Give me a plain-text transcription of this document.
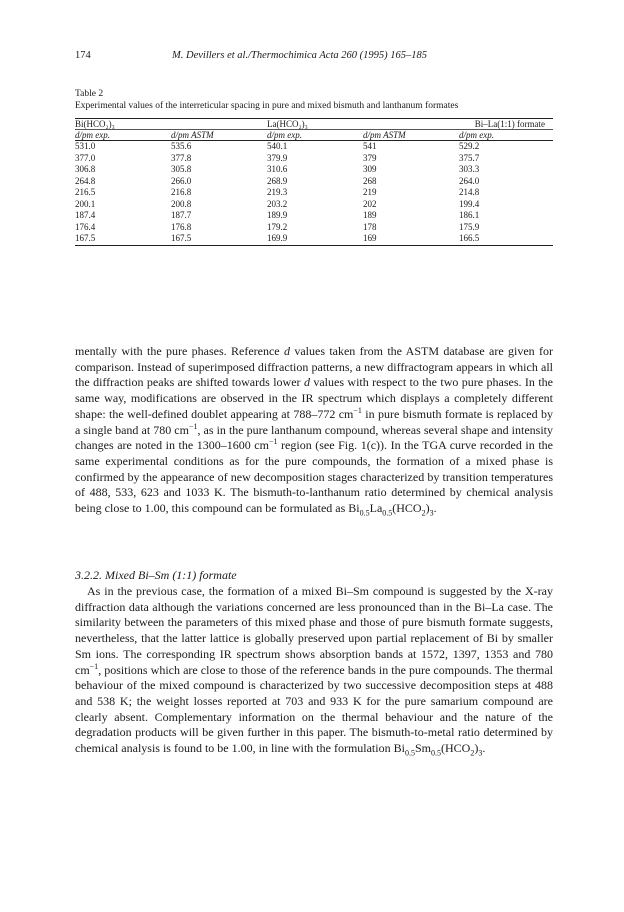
174	M. Devillers et al./Thermochimica Acta 260 (1995) 165–185
Table 2
Experimental values of the interreticular spacing in pure and mixed bismuth and lanthanum formates
Bi(HCO₂)₃		La(HCO₂)₃		Bi–La(1:1) formate
d/pm exp.	d/pm ASTM	d/pm exp.	d/pm ASTM	d/pm exp.
531.0	535.6	540.1	541	529.2
377.0	377.8	379.9	379	375.7
306.8	305.8	310.6	309	303.3
264.8	266.0	268.9	268	264.0
216.5	216.8	219.3	219	214.8
200.1	200.8	203.2	202	199.4
187.4	187.7	189.9	189	186.1
176.4	176.8	179.2	178	175.9
167.5	167.5	169.9	169	166.5

mentally with the pure phases. Reference d values taken from the ASTM database are given for comparison. Instead of superimposed diffraction patterns, a new diffractogram appears in which all the diffraction peaks are shifted towards lower d values with respect to the two pure phases. In the same way, modifications are observed in the IR spectrum which displays a completely different shape: the well-defined doublet appearing at 788–772 $cm^{-1}$ in pure bismuth formate is replaced by a single band at 780 $cm^{-1}$, as in the pure lanthanum compound, whereas several shape and intensity changes are noted in the 1300–1600 $cm^{-1}$ region (see Fig. 1(c)). In the TGA curve recorded in the same experimental conditions as for the pure compounds, the formation of a mixed phase is confirmed by the appearance of new decomposition stages characterized by transition temperatures of 488, 533, 623 and 1033 K. The bismuth-to-lanthanum ratio determined by chemical analysis being close to 1.00, this compound can be formulated as $Bi_{0.5}La_{0.5}(HCO_2)_3$.

3.2.2. Mixed Bi–Sm (1:1) formate

As in the previous case, the formation of a mixed Bi–Sm compound is suggested by the X-ray diffraction data although the variations concerned are less pronounced than in the Bi–La case. The similarity between the parameters of this mixed phase and those of pure bismuth formate suggests, nevertheless, that the latter lattice is globally preserved upon partial replacement of Bi by smaller Sm ions. The corresponding IR spectrum shows absorption bands at 1572, 1397, 1353 and 780 $cm^{-1}$, positions which are close to those of the reference bands in the pure compounds. The thermal behaviour of the mixed compound is characterized by two successive decomposition steps at 488 and 538 K; the weight losses reported at 703 and 933 K for the pure samarium compound are clearly absent. Complementary information on the thermal behaviour and the nature of the degradation products will be given further in this paper. The bismuth-to-metal ratio determined by chemical analysis is found to be 1.00, in line with the formulation $Bi_{0.5}Sm_{0.5}(HCO_2)_3$.
